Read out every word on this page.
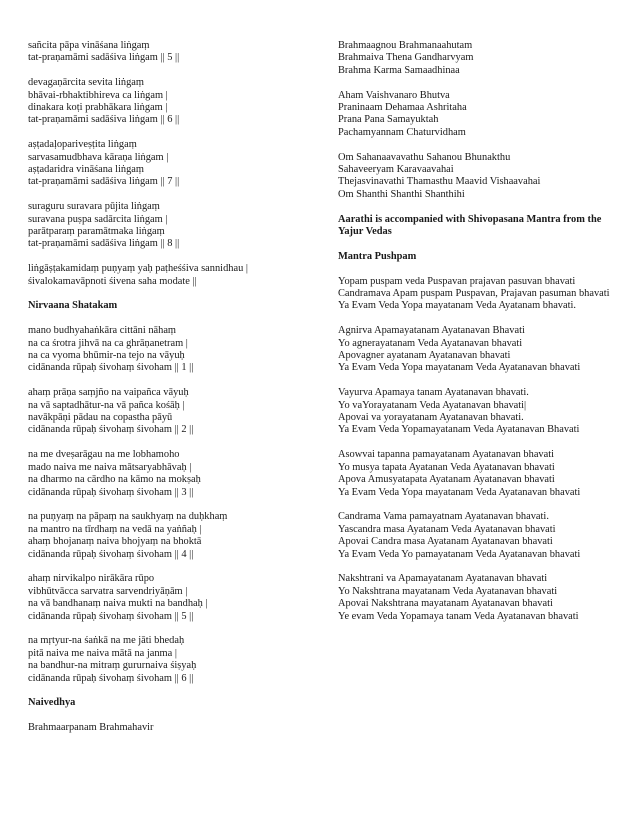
sañcita pāpa vināśana liṅgaṃ
tat-praṇamāmi sadāśiva liṅgam || 5 ||
devagaṇārcita sevita liṅgaṃ
bhāvai-rbhaktibhireva ca liṅgam |
dinakara koṭi prabhākara liṅgam |
tat-praṇamāmi sadāśiva liṅgam || 6 ||
aṣṭadaḷopariveṣṭita liṅgaṃ
sarvasamudbhava kāraṇa liṅgam |
aṣṭadaridra vināśana liṅgaṃ
tat-praṇamāmi sadāśiva liṅgam || 7 ||
suraguru suravara pūjita liṅgaṃ
suravana puṣpa sadārcita liṅgam |
parātparaṃ paramātmaka liṅgaṃ
tat-praṇamāmi sadāśiva liṅgam || 8 ||
liṅgāṣṭakamidaṃ puṇyaṃ yaḥ paṭheśśiva sannidhau |
śivalokamavāpnoti śivena saha modate ||
Nirvaana Shatakam
mano budhyahaṅkāra cittāni nāhaṃ
na ca śrotra jihvā na ca ghrāṇanetram |
na ca vyoma bhūmir-na tejo na vāyuḥ
cidānanda rūpaḥ śivohaṃ śivoham || 1 ||
ahaṃ prāṇa saṃjño na vaipañca vāyuḥ
na vā saptadhātur-na vā pañca kośāḥ |
navākpāṇi pādau na copastha pāyū
cidānanda rūpaḥ śivohaṃ śivoham || 2 ||
na me dveṣarāgau na me lobhamoho
mado naiva me naiva mātsaryabhāvaḥ |
na dharmo na cārdho na kāmo na mokṣaḥ
cidānanda rūpaḥ śivohaṃ śivoham || 3 ||
na puṇyaṃ na pāpaṃ na saukhyaṃ na duḥkhaṃ
na mantro na tīrdhaṃ na vedā na yaṅñaḥ |
ahaṃ bhojanaṃ naiva bhojyaṃ na bhoktā
cidānanda rūpaḥ śivohaṃ śivoham || 4 ||
ahaṃ nirvikalpo nirākāra rūpo
vibhūtvācca sarvatra sarvendriyāṇām |
na vā bandhanaṃ naiva mukti na bandhaḥ |
cidānanda rūpaḥ śivohaṃ śivoham || 5 ||
na mṛtyur-na śaṅkā na me jāti bhedaḥ
pitā naiva me naiva mātā na janma |
na bandhur-na mitraṃ gururnaiva śiṣyaḥ
cidānanda rūpaḥ śivohaṃ śivoham || 6 ||
Naivedhya
Brahmaarpanam Brahmahavir
Brahmaagnou Brahmanaahutam
Brahmaiva Thena Gandharvyam
Brahma Karma Samaadhinaa
Aham Vaishvanaro Bhutva
Praninaam Dehamaa Ashritaha
Prana Pana Samayuktah
Pachamyannam Chaturvidham
Om Sahanaavavathu Sahanou Bhunakthu
Sahaveeryam Karavaavahai
Thejasvinavathi Thamasthu Maavid Vishaavahai
Om Shanthi Shanthi Shanthihi
Aarathi is accompanied with Shivopasana Mantra from the Yajur Vedas
Mantra Pushpam
Yopam puspam veda Puspavan prajavan pasuvan bhavati
Candramava Apam puspam Puspavan, Prajavan pasuman bhavati
Ya Evam Veda Yopa mayatanam Veda Ayatanam bhavati.
Agnirva Apamayatanam Ayatanavan Bhavati
Yo agnerayatanam Veda Ayatanavan bhavati
Apovagner ayatanam Ayatanavan bhavati
Ya Evam Veda Yopa mayatanam Veda Ayatanavan bhavati
Vayurva Apamaya tanam Ayatanavan bhavati.
Yo vaYorayatanam Veda Ayatanavan bhavati|
Apovai va yorayatanam Ayatanavan bhavati.
Ya Evam Veda Yopamayatanam Veda Ayatanavan Bhavati
Asowvai tapanna pamayatanam Ayatanavan bhavati
Yo musya tapata Ayatanan Veda Ayatanavan bhavati
Apova Amusyatapata Ayatanam Ayatanavan bhavati
Ya Evam Veda Yopa mayatanam Veda Ayatanavan bhavati
Candrama Vama pamayatnam Ayatanavan bhavati.
Yascandra masa Ayatanam Veda Ayatanavan bhavati
Apovai Candra masa Ayatanam Ayatanavan bhavati
Ya Evam Veda Yo pamayatanam Veda Ayatanavan bhavati
Nakshtrani va Apamayatanam Ayatanavan bhavati
Yo Nakshtrana mayatanam Veda Ayatanavan bhavati
Apovai Nakshtrana mayatanam Ayatanavan bhavati
Ye evam Veda Yopamaya tanam Veda Ayatanavan bhavati
